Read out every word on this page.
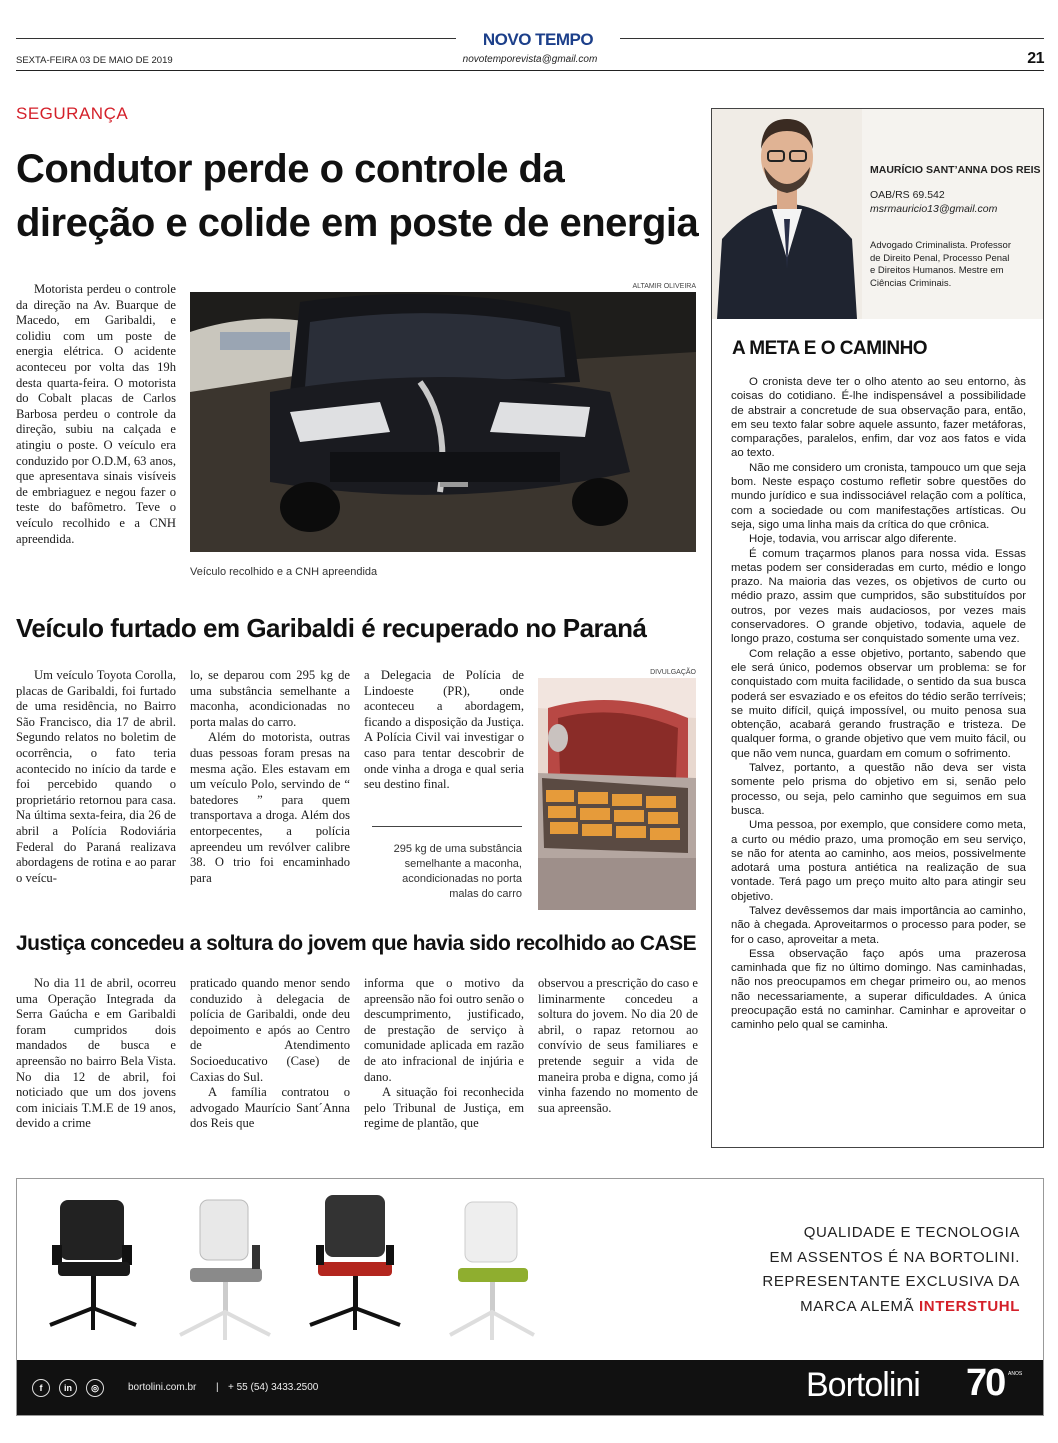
NOVO TEMPO
SEXTA-FEIRA 03 DE MAIO DE 2019	novotemporevista@gmail.com	21
SEGURANÇA
Condutor perde o controle da
direção e colide em poste de energia

Motorista perdeu o controle da direção na Av. Buarque de Macedo, em Garibaldi, e colidiu com um poste de energia elétrica. O acidente aconteceu por volta das 19h desta quarta-feira. O motorista do Cobalt placas de Carlos Barbosa perdeu o controle da direção, subiu na calçada e atingiu o poste. O veículo era conduzido por O.D.M, 63 anos, que apresentava sinais visíveis de embriaguez e negou fazer o teste do bafômetro. Teve o veículo recolhido e a CNH apreendida.

ALTAMIR OLIVEIRA
Veículo recolhido e a CNH apreendida
Veículo furtado em Garibaldi é recuperado no Paraná

Um veículo Toyota Corolla, placas de Garibaldi, foi furtado de uma residência, no Bairro São Francisco, dia 17 de abril. Segundo relatos no boletim de ocorrência, o fato teria acontecido no início da tarde e foi percebido quando o proprietário retornou para casa. Na última sexta-feira, dia 26 de abril a Polícia Rodoviária Federal do Paraná realizava abordagens de rotina e ao parar o veícu-

lo, se deparou com 295 kg de uma substância semelhante a maconha, acondicionadas no porta malas do carro.

Além do motorista, outras duas pessoas foram presas na mesma ação. Eles estavam em um veículo Polo, servindo de “ batedores ” para quem transportava a droga. Além dos entorpecentes, a polícia apreendeu um revólver calibre 38. O trio foi encaminhado para

a Delegacia de Polícia de Lindoeste (PR), onde aconteceu a abordagem, ficando a disposição da Justiça. A Polícia Civil vai investigar o caso para tentar descobrir de onde vinha a droga e qual seria seu destino final.

295 kg de uma substância
semelhante a maconha,
acondicionadas no porta
malas do carro
DIVULGAÇÃO
Justiça concedeu a soltura do jovem que havia sido recolhido ao CASE

No dia 11 de abril, ocorreu uma Operação Integrada da Serra Gaúcha e em Garibaldi foram cumpridos dois mandados de busca e apreensão no bairro Bela Vista. No dia 12 de abril, foi noticiado que um dos jovens com iniciais T.M.E de 19 anos, devido a crime

praticado quando menor sendo conduzido à delegacia de polícia de Garibaldi, onde deu depoimento e após ao Centro de Atendimento Socioeducativo (Case) de Caxias do Sul.

A família contratou o advogado Maurício Sant´Anna dos Reis que

informa que o motivo da apreensão não foi outro senão o descumprimento, justificado, de prestação de serviço à comunidade aplicada em razão de ato infracional de injúria e dano.

A situação foi reconhecida pelo Tribunal de Justiça, em regime de plantão, que

observou a prescrição do caso e liminarmente concedeu a soltura do jovem. No dia 20 de abril, o rapaz retornou ao convívio de seus familiares e pretende seguir a vida de maneira proba e digna, como já vinha fazendo no momento de sua apreensão.

MAURÍCIO SANT’ANNA DOS REIS
OAB/RS 69.542
msrmauricio13@gmail.com
Advogado Criminalista. Professor
de Direito Penal, Processo Penal
e Direitos Humanos. Mestre em
Ciências Criminais.
A META E O CAMINHO

O cronista deve ter o olho atento ao seu entorno, às coisas do cotidiano. É-lhe indispensável a possibilidade de abstrair a concretude de sua observação para, então, em seu texto falar sobre aquele assunto, fazer metáforas, comparações, paralelos, enfim, dar voz aos fatos e vida ao texto.

Não me considero um cronista, tampouco um que seja bom. Neste espaço costumo refletir sobre questões do mundo jurídico e sua indissociável relação com a política, com a sociedade ou com manifestações artísticas. Ou seja, sigo uma linha mais da crítica do que crônica.

Hoje, todavia, vou arriscar algo diferente.

É comum traçarmos planos para nossa vida. Essas metas podem ser consideradas em curto, médio e longo prazo. Na maioria das vezes, os objetivos de curto ou médio prazo, assim que cumpridos, são substituídos por outros, por vezes mais audaciosos, por vezes mais conservadores. O grande objetivo, todavia, aquele de longo prazo, costuma ser conquistado somente uma vez.

Com relação a esse objetivo, portanto, sabendo que ele será único, podemos observar um problema: se for conquistado com muita facilidade, o sentido da sua busca poderá ser esvaziado e os efeitos do tédio serão terríveis; se muito difícil, quiçá impossível, ou muito penosa sua obtenção, acabará gerando frustração e tristeza. De qualquer forma, o grande objetivo que vem muito fácil, ou que não vem nunca, guardam em comum o sofrimento.

Talvez, portanto, a questão não deva ser vista somente pelo prisma do objetivo em si, senão pelo processo, ou seja, pelo caminho que seguimos em sua busca.

Uma pessoa, por exemplo, que considere como meta, a curto ou médio prazo, uma promoção em seu serviço, se não for atenta ao caminho, aos meios, possivelmente adotará uma postura antiética na realização de sua vontade. Terá pago um preço muito alto para atingir seu objetivo.

Talvez devêssemos dar mais importância ao caminho, não à chegada. Aproveitarmos o processo para poder, se for o caso, aproveitar a meta.

Essa observação faço após uma prazerosa caminhada que fiz no último domingo. Nas caminhadas, não nos preocupamos em chegar primeiro ou, ao menos não necessariamente, a superar dificuldades. A única preocupação está no caminhar. Caminhar e aproveitar o caminho pelo qual se caminha.

QUALIDADE E TECNOLOGIA
EM ASSENTOS É NA BORTOLINI.
REPRESENTANTE EXCLUSIVA DA
MARCA ALEMÃ INTERSTUHL
f in ◎	bortolini.com.br | + 55 (54) 3433.2500	Bortolini 70 ANOS
